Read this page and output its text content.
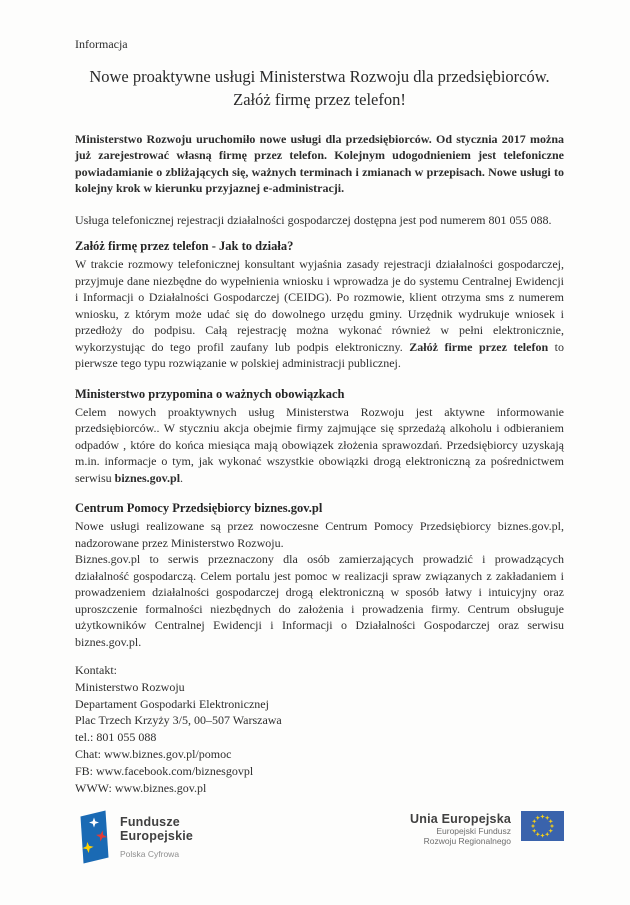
Informacja
Nowe proaktywne usługi Ministerstwa Rozwoju dla przedsiębiorców.
Załóż firmę przez telefon!

Ministerstwo Rozwoju uruchomiło nowe usługi dla przedsiębiorców. Od stycznia 2017 można już zarejestrować własną firmę przez telefon. Kolejnym udogodnieniem jest telefoniczne powiadamianie o zbliżających się, ważnych terminach i zmianach w przepisach. Nowe usługi to kolejny krok w kierunku przyjaznej e-administracji.

Usługa telefonicznej rejestracji działalności gospodarczej dostępna jest pod numerem 801 055 088.

Załóż firmę przez telefon - Jak to działa?

W trakcie rozmowy telefonicznej konsultant wyjaśnia zasady rejestracji działalności gospodarczej, przyjmuje dane niezbędne do wypełnienia wniosku i wprowadza je do systemu Centralnej Ewidencji i Informacji o Działalności Gospodarczej (CEIDG). Po rozmowie, klient otrzyma sms z numerem wniosku, z którym może udać się do dowolnego urzędu gminy. Urzędnik wydrukuje wniosek i przedłoży do podpisu. Całą rejestrację można wykonać również w pełni elektronicznie, wykorzystując do tego profil zaufany lub podpis elektroniczny. Załóż firme przez telefon to pierwsze tego typu rozwiązanie w polskiej administracji publicznej.

Ministerstwo przypomina o ważnych obowiązkach

Celem nowych proaktywnych usług Ministerstwa Rozwoju jest aktywne informowanie przedsiębiorców.. W styczniu akcja obejmie firmy zajmujące się sprzedażą alkoholu i odbieraniem odpadów , które do końca miesiąca mają obowiązek złożenia sprawozdań. Przedsiębiorcy uzyskają m.in. informacje o tym, jak wykonać wszystkie obowiązki drogą elektroniczną za pośrednictwem serwisu biznes.gov.pl.

Centrum Pomocy Przedsiębiorcy biznes.gov.pl

Nowe usługi realizowane są przez nowoczesne Centrum Pomocy Przedsiębiorcy biznes.gov.pl, nadzorowane przez Ministerstwo Rozwoju.

Biznes.gov.pl to serwis przeznaczony dla osób zamierzających prowadzić i prowadzących działalność gospodarczą. Celem portalu jest pomoc w realizacji spraw związanych z zakładaniem i prowadzeniem działalności gospodarczej drogą elektroniczną w sposób łatwy i intuicyjny oraz uproszczenie formalności niezbędnych do założenia i prowadzenia firmy. Centrum obsługuje użytkowników Centralnej Ewidencji i Informacji o Działalności Gospodarczej oraz serwisu biznes.gov.pl.

Kontakt:
Ministerstwo Rozwoju
Departament Gospodarki Elektronicznej
Plac Trzech Krzyży 3/5, 00–507 Warszawa
tel.: 801 055 088
Chat: www.biznes.gov.pl/pomoc
FB: www.facebook.com/biznesgovpl
WWW: www.biznes.gov.pl
Fundusze
Europejskie
Polska Cyfrowa
Unia Europejska
Europejski Fundusz
Rozwoju Regionalnego
